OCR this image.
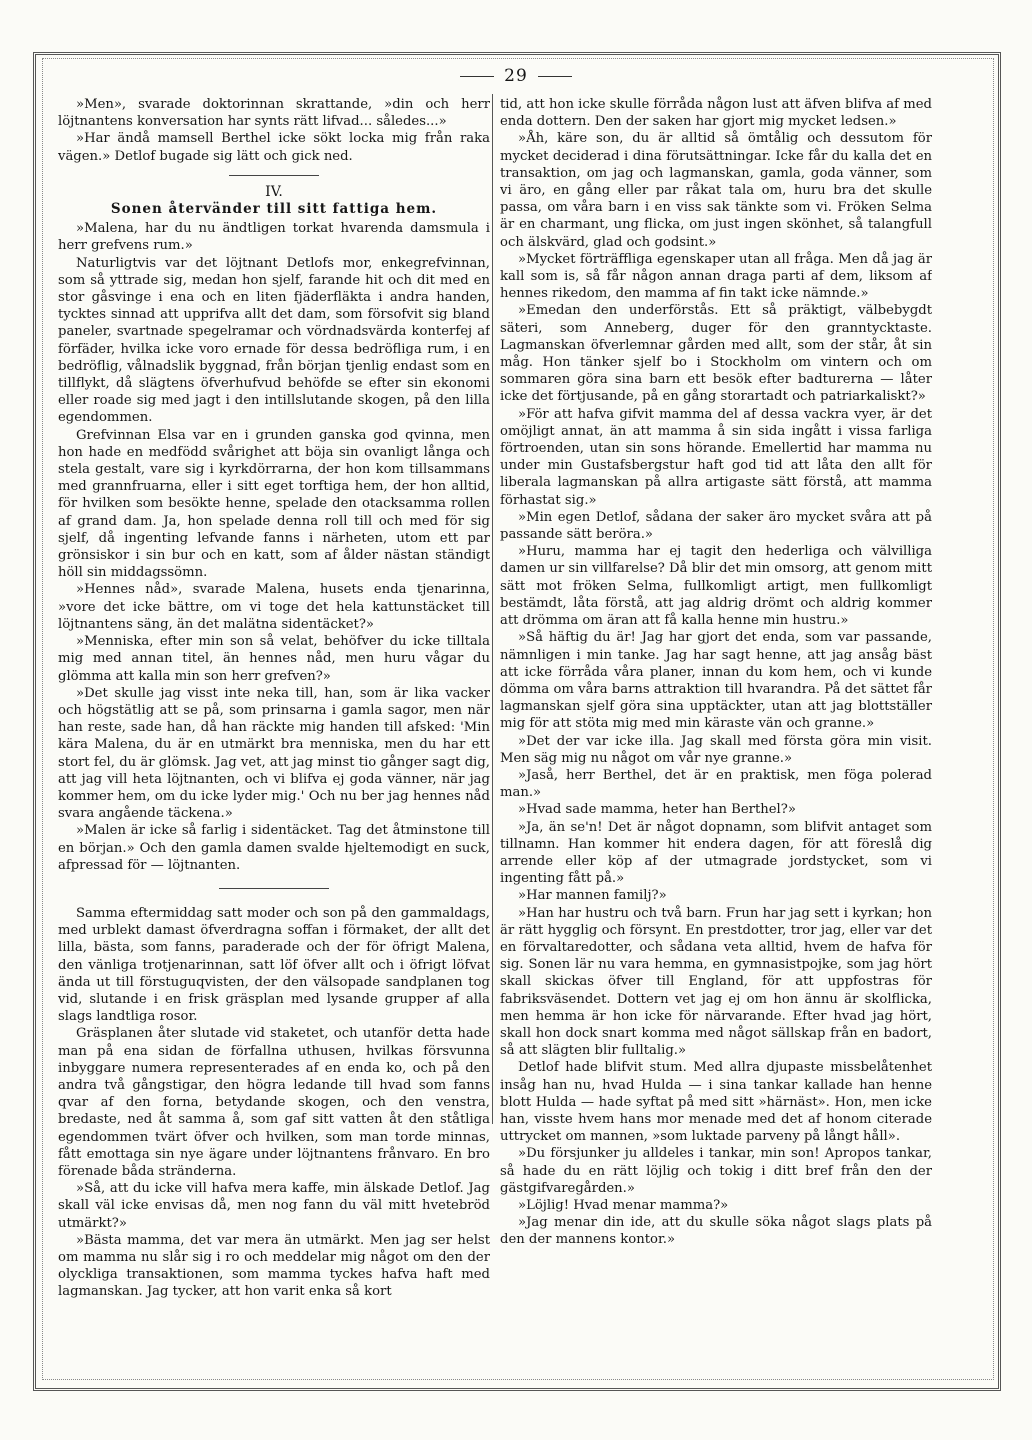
29

»Men», svarade doktorinnan skrattande, »din och herr löjtnantens konversation har synts rätt lifvad... således...»

»Har ändå mamsell Berthel icke sökt locka mig från raka vägen.» Detlof bugade sig lätt och gick ned.

IV.
Sonen återvänder till sitt fattiga hem.

»Malena, har du nu ändtligen torkat hvarenda damsmula i herr grefvens rum.»

Naturligtvis var det löjtnant Detlofs mor, enkegrefvinnan, som så yttrade sig, medan hon sjelf, farande hit och dit med en stor gåsvinge i ena och en liten fjäderfläkta i andra handen, tycktes sinnad att upprifva allt det dam, som försofvit sig bland paneler, svartnade spegelramar och vördnadsvärda konterfej af förfäder, hvilka icke voro ernade för dessa bedröfliga rum, i en bedröflig, vålnadslik byggnad, från början tjenlig endast som en tillflykt, då slägtens öfverhufvud behöfde se efter sin ekonomi eller roade sig med jagt i den intillslutande skogen, på den lilla egendommen.

Grefvinnan Elsa var en i grunden ganska god qvinna, men hon hade en medfödd svårighet att böja sin ovanligt långa och stela gestalt, vare sig i kyrkdörrarna, der hon kom tillsammans med grannfruarna, eller i sitt eget torftiga hem, der hon alltid, för hvilken som besökte henne, spelade den otacksamma rollen af grand dam. Ja, hon spelade denna roll till och med för sig sjelf, då ingenting lefvande fanns i närheten, utom ett par grönsiskor i sin bur och en katt, som af ålder nästan ständigt höll sin middagssömn.

»Hennes nåd», svarade Malena, husets enda tjenarinna, »vore det icke bättre, om vi toge det hela kattunstäcket till löjtnantens säng, än det malätna sidentäcket?»

»Menniska, efter min son så velat, behöfver du icke tilltala mig med annan titel, än hennes nåd, men huru vågar du glömma att kalla min son herr grefven?»

»Det skulle jag visst inte neka till, han, som är lika vacker och högstätlig att se på, som prinsarna i gamla sagor, men när han reste, sade han, då han räckte mig handen till afsked: 'Min kära Malena, du är en utmärkt bra menniska, men du har ett stort fel, du är glömsk. Jag vet, att jag minst tio gånger sagt dig, att jag vill heta löjtnanten, och vi blifva ej goda vänner, när jag kommer hem, om du icke lyder mig.' Och nu ber jag hennes nåd svara angående täckena.»

»Malen är icke så farlig i sidentäcket. Tag det åtminstone till en början.» Och den gamla damen svalde hjeltemodigt en suck, afpressad för — löjtnanten.

Samma eftermiddag satt moder och son på den gammaldags, med urblekt damast öfverdragna soffan i förmaket, der allt det lilla, bästa, som fanns, paraderade och der för öfrigt Malena, den vänliga trotjenarinnan, satt löf öfver allt och i öfrigt löfvat ända ut till förstuguqvisten, der den välsopade sandplanen tog vid, slutande i en frisk gräsplan med lysande grupper af alla slags landtliga rosor.

Gräsplanen åter slutade vid staketet, och utanför detta hade man på ena sidan de förfallna uthusen, hvilkas försvunna inbyggare numera representerades af en enda ko, och på den andra två gångstigar, den högra ledande till hvad som fanns qvar af den forna, betydande skogen, och den venstra, bredaste, ned åt samma å, som gaf sitt vatten åt den ståtliga egendommen tvärt öfver och hvilken, som man torde minnas, fått emottaga sin nye ägare under löjtnantens frånvaro. En bro förenade båda stränderna.

»Så, att du icke vill hafva mera kaffe, min älskade Detlof. Jag skall väl icke envisas då, men nog fann du väl mitt hvetebröd utmärkt?»

»Bästa mamma, det var mera än utmärkt. Men jag ser helst om mamma nu slår sig i ro och meddelar mig något om den der olyckliga transaktionen, som mamma tyckes hafva haft med lagmanskan. Jag tycker, att hon varit enka så kort

tid, att hon icke skulle förråda någon lust att äfven blifva af med enda dottern. Den der saken har gjort mig mycket ledsen.»

»Åh, käre son, du är alltid så ömtålig och dessutom för mycket deciderad i dina förutsättningar. Icke får du kalla det en transaktion, om jag och lagmanskan, gamla, goda vänner, som vi äro, en gång eller par råkat tala om, huru bra det skulle passa, om våra barn i en viss sak tänkte som vi. Fröken Selma är en charmant, ung flicka, om just ingen skönhet, så talangfull och älskvärd, glad och godsint.»

»Mycket förträffliga egenskaper utan all fråga. Men då jag är kall som is, så får någon annan draga parti af dem, liksom af hennes rikedom, den mamma af fin takt icke nämnde.»

»Emedan den underförstås. Ett så präktigt, välbebygdt säteri, som Anneberg, duger för den granntycktaste. Lagmanskan öfverlemnar gården med allt, som der står, åt sin måg. Hon tänker sjelf bo i Stockholm om vintern och om sommaren göra sina barn ett besök efter badturerna — låter icke det förtjusande, på en gång storartadt och patriarkaliskt?»

»För att hafva gifvit mamma del af dessa vackra vyer, är det omöjligt annat, än att mamma å sin sida ingått i vissa farliga förtroenden, utan sin sons hörande. Emellertid har mamma nu under min Gustafsbergstur haft god tid att låta den allt för liberala lagmanskan på allra artigaste sätt förstå, att mamma förhastat sig.»

»Min egen Detlof, sådana der saker äro mycket svåra att på passande sätt beröra.»

»Huru, mamma har ej tagit den hederliga och välvilliga damen ur sin villfarelse? Då blir det min omsorg, att genom mitt sätt mot fröken Selma, fullkomligt artigt, men fullkomligt bestämdt, låta förstå, att jag aldrig drömt och aldrig kommer att drömma om äran att få kalla henne min hustru.»

»Så häftig du är! Jag har gjort det enda, som var passande, nämnligen i min tanke. Jag har sagt henne, att jag ansåg bäst att icke förråda våra planer, innan du kom hem, och vi kunde dömma om våra barns attraktion till hvarandra. På det sättet får lagmanskan sjelf göra sina upptäckter, utan att jag blottställer mig för att stöta mig med min käraste vän och granne.»

»Det der var icke illa. Jag skall med första göra min visit. Men säg mig nu något om vår nye granne.»

»Jaså, herr Berthel, det är en praktisk, men föga polerad man.»

»Hvad sade mamma, heter han Berthel?»

»Ja, än se'n! Det är något dopnamn, som blifvit antaget som tillnamn. Han kommer hit endera dagen, för att föreslå dig arrende eller köp af der utmagrade jordstycket, som vi ingenting fått på.»

»Har mannen familj?»

»Han har hustru och två barn. Frun har jag sett i kyrkan; hon är rätt hygglig och försynt. En prestdotter, tror jag, eller var det en förvaltaredotter, och sådana veta alltid, hvem de hafva för sig. Sonen lär nu vara hemma, en gymnasistpojke, som jag hört skall skickas öfver till England, för att uppfostras för fabriksväsendet. Dottern vet jag ej om hon ännu är skolflicka, men hemma är hon icke för närvarande. Efter hvad jag hört, skall hon dock snart komma med något sällskap från en badort, så att slägten blir fulltalig.»

Detlof hade blifvit stum. Med allra djupaste missbelåtenhet insåg han nu, hvad Hulda — i sina tankar kallade han henne blott Hulda — hade syftat på med sitt »härnäst». Hon, men icke han, visste hvem hans mor menade med det af honom citerade uttrycket om mannen, »som luktade parveny på långt håll».

»Du försjunker ju alldeles i tankar, min son! Apropos tankar, så hade du en rätt löjlig och tokig i ditt bref från den der gästgifvaregården.»

»Löjlig! Hvad menar mamma?»

»Jag menar din ide, att du skulle söka något slags plats på den der mannens kontor.»
